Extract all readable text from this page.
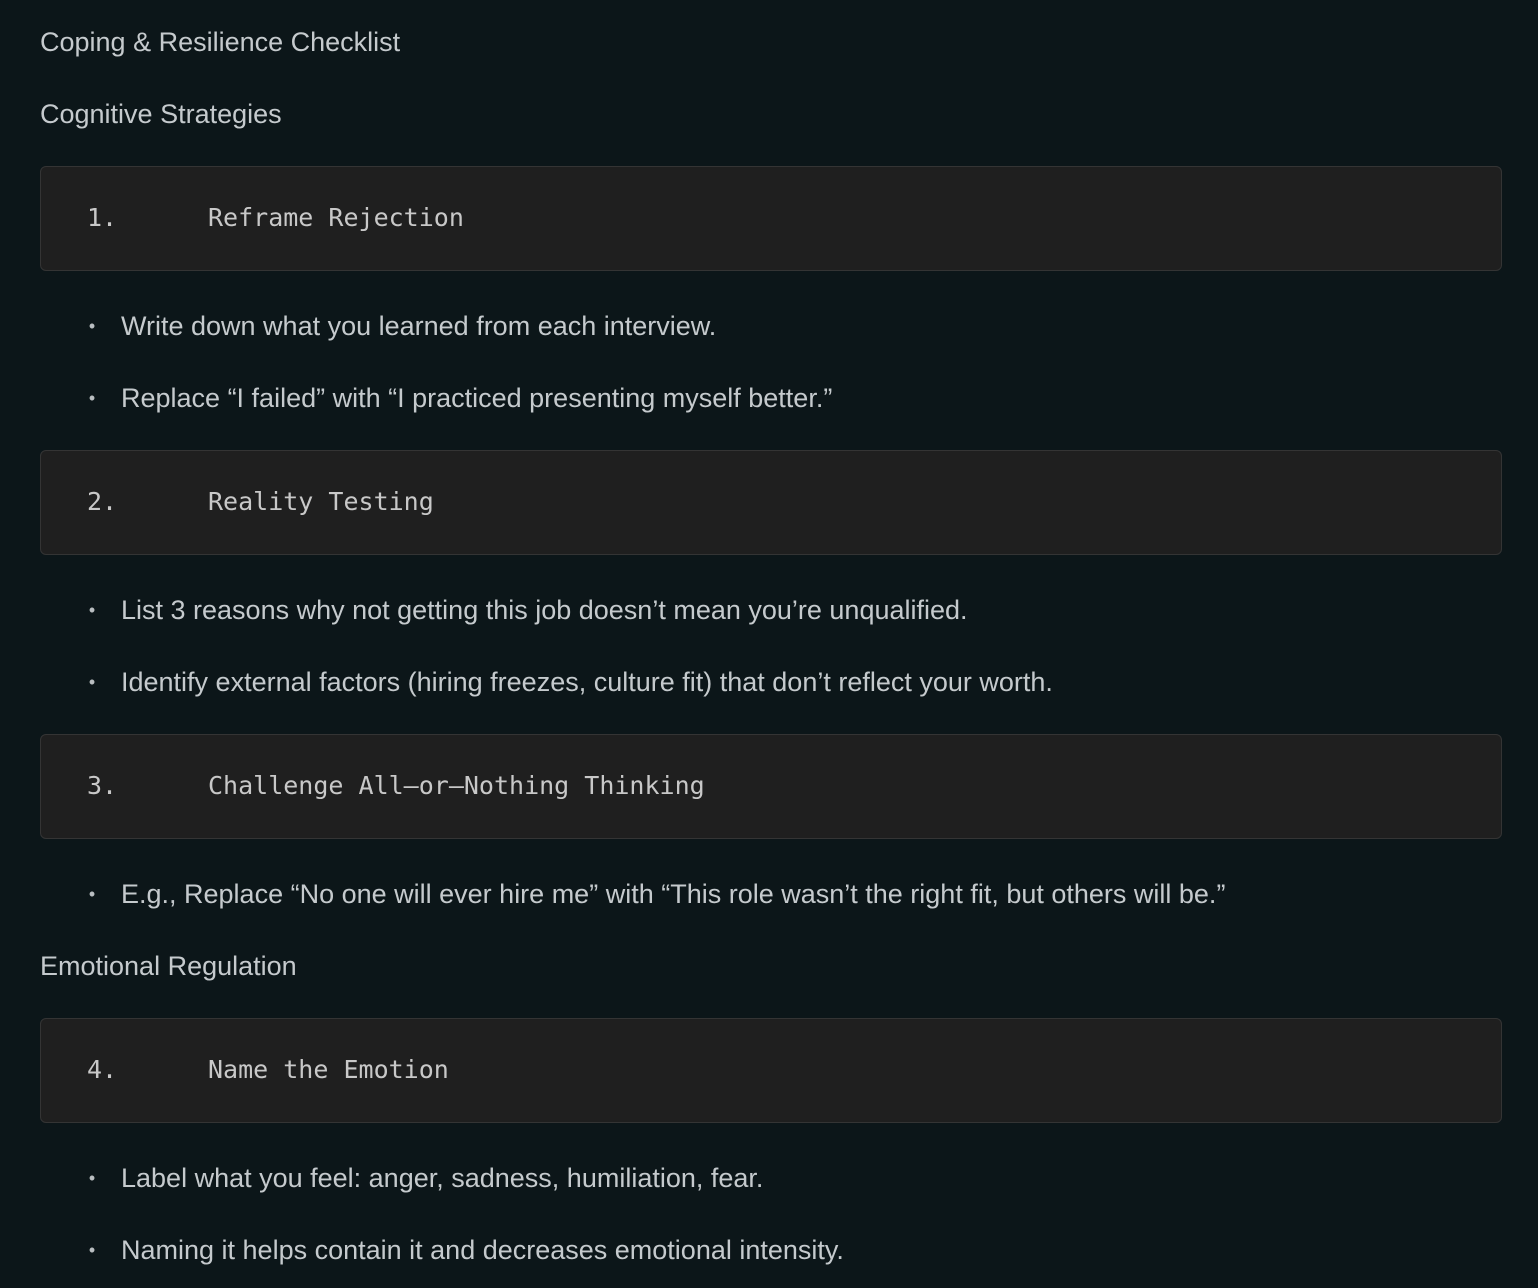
Coping & Resilience Checklist
Cognitive Strategies
1.	Reframe Rejection
• Write down what you learned from each interview.
• Replace “I failed” with “I practiced presenting myself better.”
2.	Reality Testing
• List 3 reasons why not getting this job doesn’t mean you’re unqualified.
• Identify external factors (hiring freezes, culture fit) that don’t reflect your worth.
3.	Challenge All–or–Nothing Thinking
• E.g., Replace “No one will ever hire me” with “This role wasn’t the right fit, but others will be.”
Emotional Regulation
4.	Name the Emotion
• Label what you feel: anger, sadness, humiliation, fear.
• Naming it helps contain it and decreases emotional intensity.
